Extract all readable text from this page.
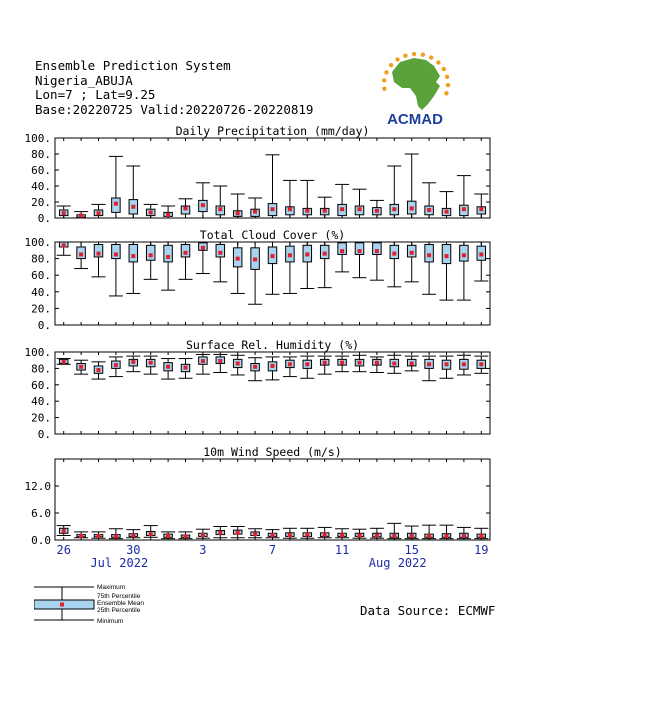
Ensemble Prediction System
Nigeria_ABUJA
Lon=7 ; Lat=9.25
Base:20220725 Valid:20220726-20220819
ACMAD
Daily Precipitation (mm/day)
0.
20.
40.
60.
80.
100.
Total Cloud Cover (%)
0.
20.
40.
60.
80.
100.
Surface Rel. Humidity (%)
0.
20.
40.
60.
80.
100.
10m Wind Speed (m/s)
0.0
6.0
12.0
26	30	3	7	11	15	19
Jul 2022	Aug 2022
Maximum
75th Percentile
Ensemble Mean
25th Percentile
Minimum
Data Source: ECMWF
